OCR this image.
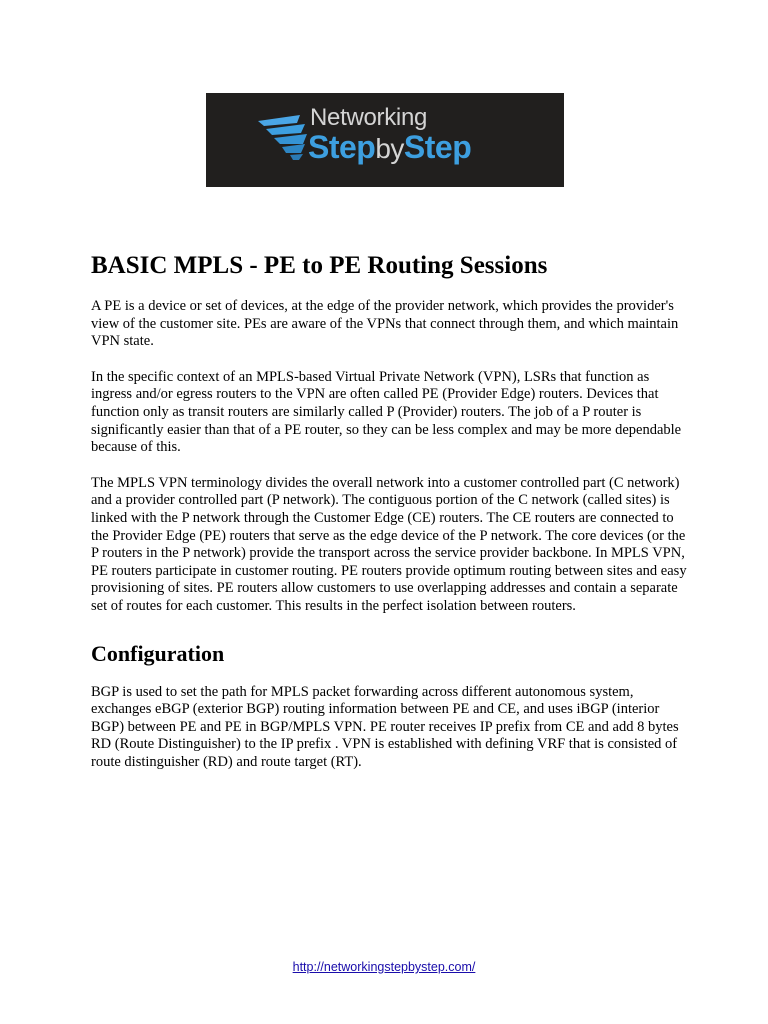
Networking
StepbyStep
BASIC MPLS - PE to PE Routing Sessions

A PE is a device or set of devices, at the edge of the provider network, which provides the provider's view of the customer site. PEs are aware of the VPNs that connect through them, and which maintain VPN state.

In the specific context of an MPLS-based Virtual Private Network (VPN), LSRs that function as ingress and/or egress routers to the VPN are often called PE (Provider Edge) routers. Devices that function only as transit routers are similarly called P (Provider) routers. The job of a P router is significantly easier than that of a PE router, so they can be less complex and may be more dependable because of this.

The MPLS VPN terminology divides the overall network into a customer controlled part (C network) and a provider controlled part (P network). The contiguous portion of the C network (called sites) is linked with the P network through the Customer Edge (CE) routers. The CE routers are connected to the Provider Edge (PE) routers that serve as the edge device of the P network. The core devices (or the P routers in the P network) provide the transport across the service provider backbone. In MPLS VPN, PE routers participate in customer routing. PE routers provide optimum routing between sites and easy provisioning of sites. PE routers allow customers to use overlapping addresses and contain a separate set of routes for each customer. This results in the perfect isolation between routers.

Configuration

BGP is used to set the path for MPLS packet forwarding across different autonomous system, exchanges eBGP (exterior BGP) routing information between PE and CE, and uses iBGP (interior BGP) between PE and PE in BGP/MPLS VPN. PE router receives IP prefix from CE and add 8 bytes RD (Route Distinguisher) to the IP prefix . VPN is established with defining VRF that is consisted of route distinguisher (RD) and route target (RT).

http://networkingstepbystep.com/
